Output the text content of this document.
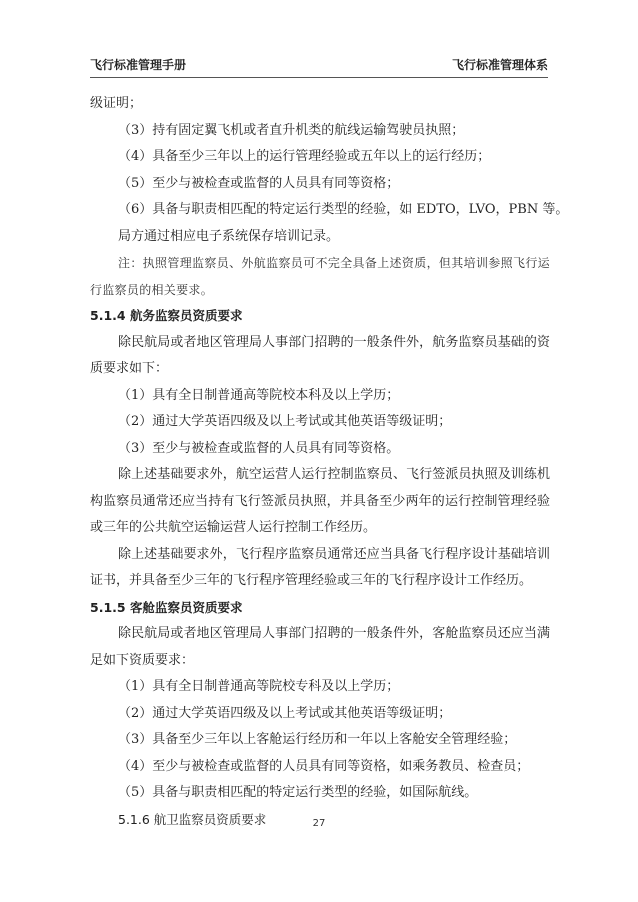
飞行标准管理手册	飞行标准管理体系

级证明；

（3）持有固定翼飞机或者直升机类的航线运输驾驶员执照；

（4）具备至少三年以上的运行管理经验或五年以上的运行经历；

（5）至少与被检查或监督的人员具有同等资格；

（6）具备与职责相匹配的特定运行类型的经验，如 EDTO，LVO，PBN 等。

局方通过相应电子系统保存培训记录。

注：执照管理监察员、外航监察员可不完全具备上述资质，但其培训参照飞行运行监察员的相关要求。

5.1.4 航务监察员资质要求

除民航局或者地区管理局人事部门招聘的一般条件外，航务监察员基础的资质要求如下：

（1）具有全日制普通高等院校本科及以上学历；

（2）通过大学英语四级及以上考试或其他英语等级证明；

（3）至少与被检查或监督的人员具有同等资格。

除上述基础要求外，航空运营人运行控制监察员、飞行签派员执照及训练机构监察员通常还应当持有飞行签派员执照，并具备至少两年的运行控制管理经验或三年的公共航空运输运营人运行控制工作经历。

除上述基础要求外，飞行程序监察员通常还应当具备飞行程序设计基础培训证书，并具备至少三年的飞行程序管理经验或三年的飞行程序设计工作经历。

5.1.5 客舱监察员资质要求

除民航局或者地区管理局人事部门招聘的一般条件外，客舱监察员还应当满足如下资质要求：

（1）具有全日制普通高等院校专科及以上学历；

（2）通过大学英语四级及以上考试或其他英语等级证明；

（3）具备至少三年以上客舱运行经历和一年以上客舱安全管理经验；

（4）至少与被检查或监督的人员具有同等资格，如乘务教员、检查员；

（5）具备与职责相匹配的特定运行类型的经验，如国际航线。

5.1.6 航卫监察员资质要求	27
